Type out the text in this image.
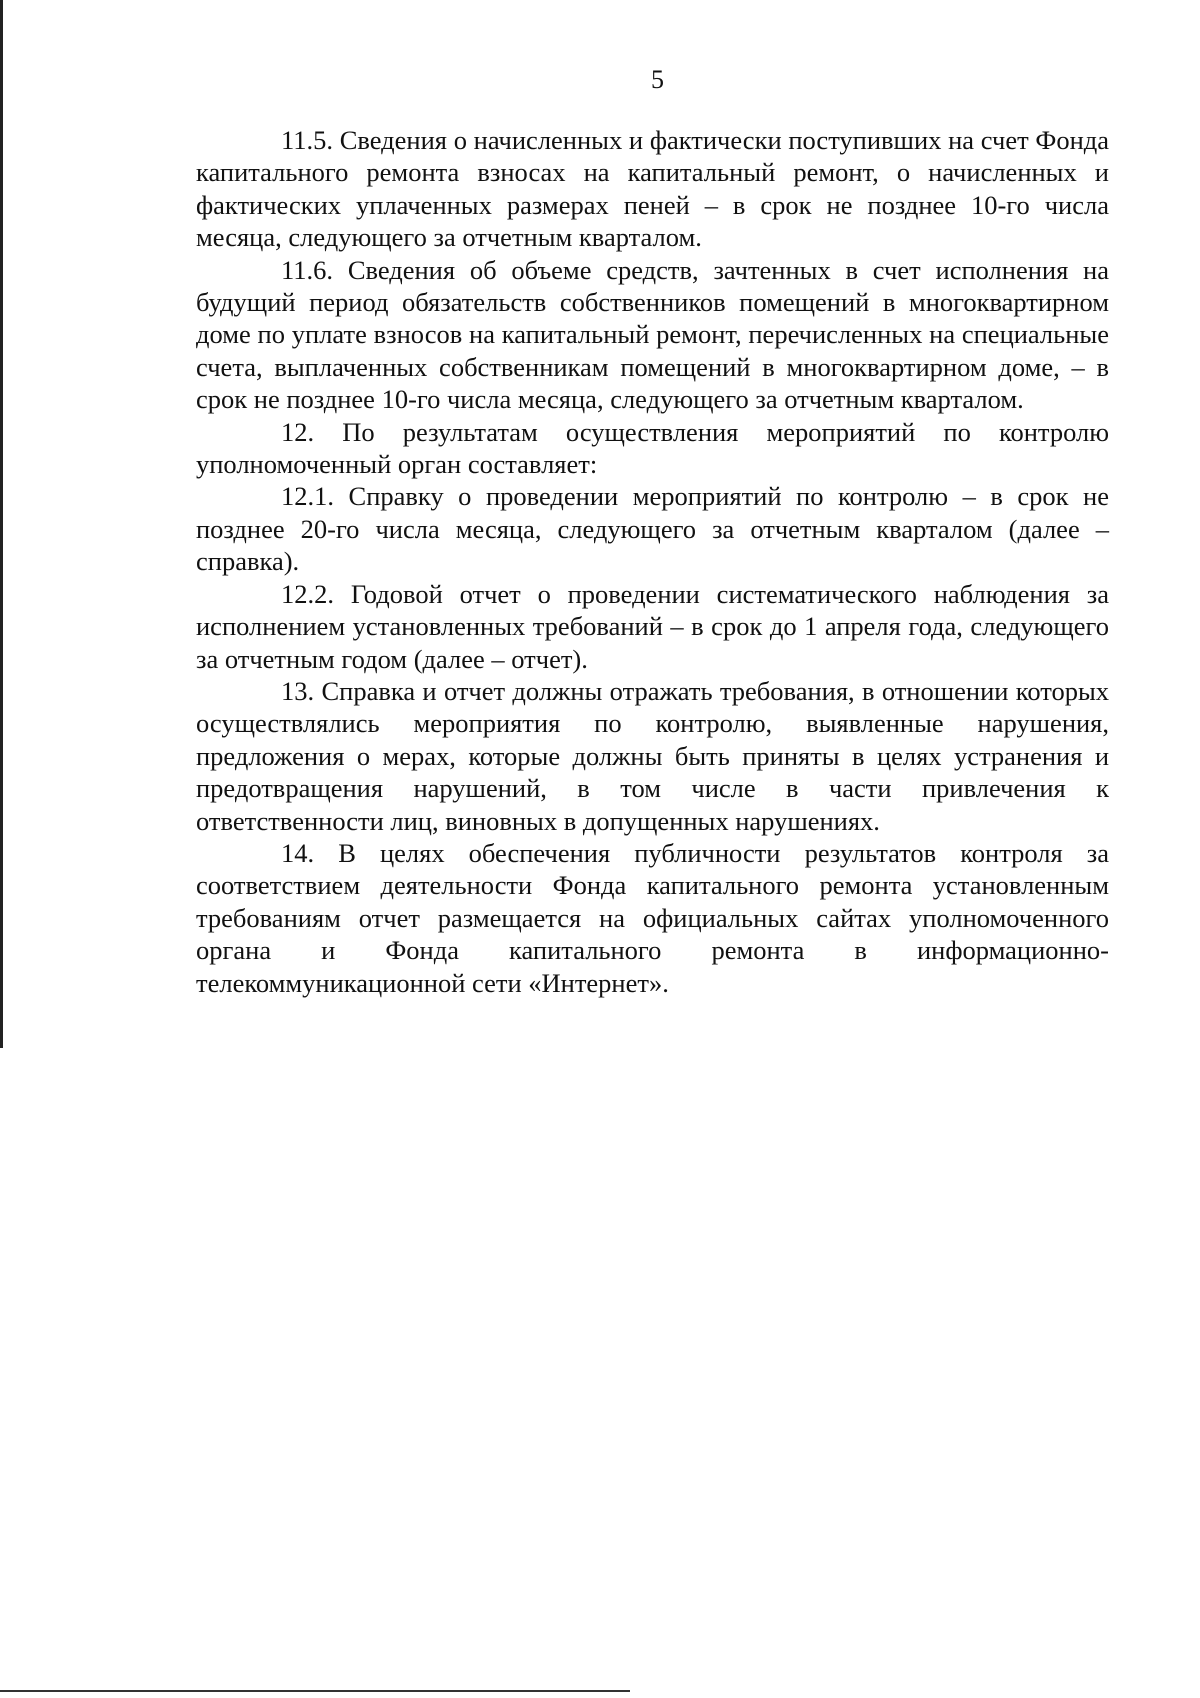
5

11.5. Сведения о начисленных и фактически поступивших на счет Фонда капитального ремонта взносах на капитальный ремонт, о начисленных и фактических уплаченных размерах пеней – в срок не позднее 10-го числа месяца, следующего за отчетным кварталом.

11.6. Сведения об объеме средств, зачтенных в счет исполнения на будущий период обязательств собственников помещений в многоквартирном доме по уплате взносов на капитальный ремонт, перечисленных на специальные счета, выплаченных собственникам помещений в многоквартирном доме, – в срок не позднее 10-го числа месяца, следующего за отчетным кварталом.

12. По результатам осуществления мероприятий по контролю уполномоченный орган составляет:

12.1. Справку о проведении мероприятий по контролю – в срок не позднее 20-го числа месяца, следующего за отчетным кварталом (далее – справка).

12.2. Годовой отчет о проведении систематического наблюдения за исполнением установленных требований – в срок до 1 апреля года, следующего за отчетным годом (далее – отчет).

13. Справка и отчет должны отражать требования, в отношении которых осуществлялись мероприятия по контролю, выявленные нарушения, предложения о мерах, которые должны быть приняты в целях устранения и предотвращения нарушений, в том числе в части привлечения к ответственности лиц, виновных в допущенных нарушениях.

14. В целях обеспечения публичности результатов контроля за соответствием деятельности Фонда капитального ремонта установленным требованиям отчет размещается на официальных сайтах уполномоченного органа и Фонда капитального ремонта в информационно-телекоммуникационной сети «Интернет».
